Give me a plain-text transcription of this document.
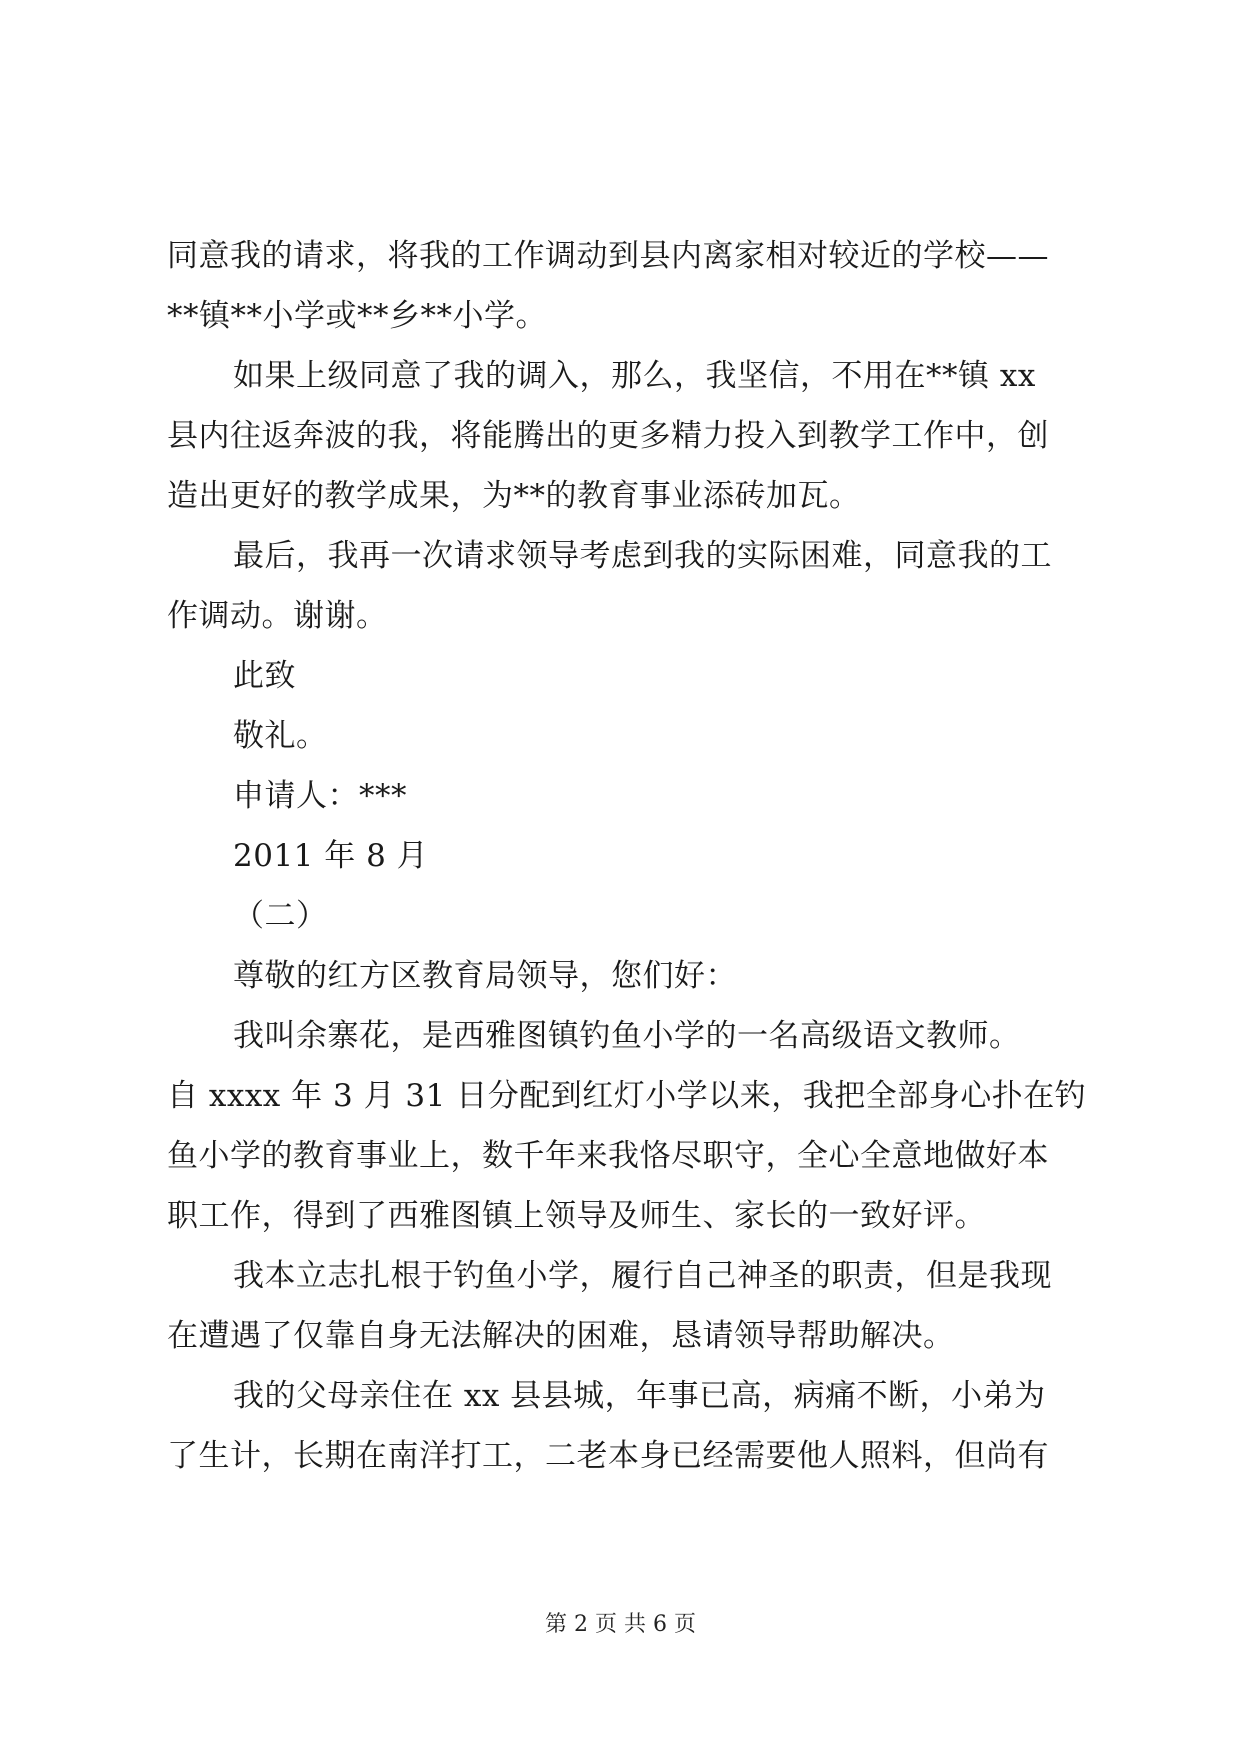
同意我的请求，将我的工作调动到县内离家相对较近的学校——
**镇**小学或**乡**小学。
如果上级同意了我的调入，那么，我坚信，不用在**镇 xx
县内往返奔波的我，将能腾出的更多精力投入到教学工作中，创
造出更好的教学成果，为**的教育事业添砖加瓦。
最后，我再一次请求领导考虑到我的实际困难，同意我的工
作调动。谢谢。
此致
敬礼。
申请人：***
2011 年 8 月
（二）
尊敬的红方区教育局领导，您们好：
我叫余寨花，是西雅图镇钓鱼小学的一名高级语文教师。
自 xxxx 年 3 月 31 日分配到红灯小学以来，我把全部身心扑在钓
鱼小学的教育事业上，数千年来我恪尽职守，全心全意地做好本
职工作，得到了西雅图镇上领导及师生、家长的一致好评。
我本立志扎根于钓鱼小学，履行自己神圣的职责，但是我现
在遭遇了仅靠自身无法解决的困难，恳请领导帮助解决。
我的父母亲住在 xx 县县城，年事已高，病痛不断，小弟为
了生计，长期在南洋打工，二老本身已经需要他人照料，但尚有
第 2 页 共 6 页
